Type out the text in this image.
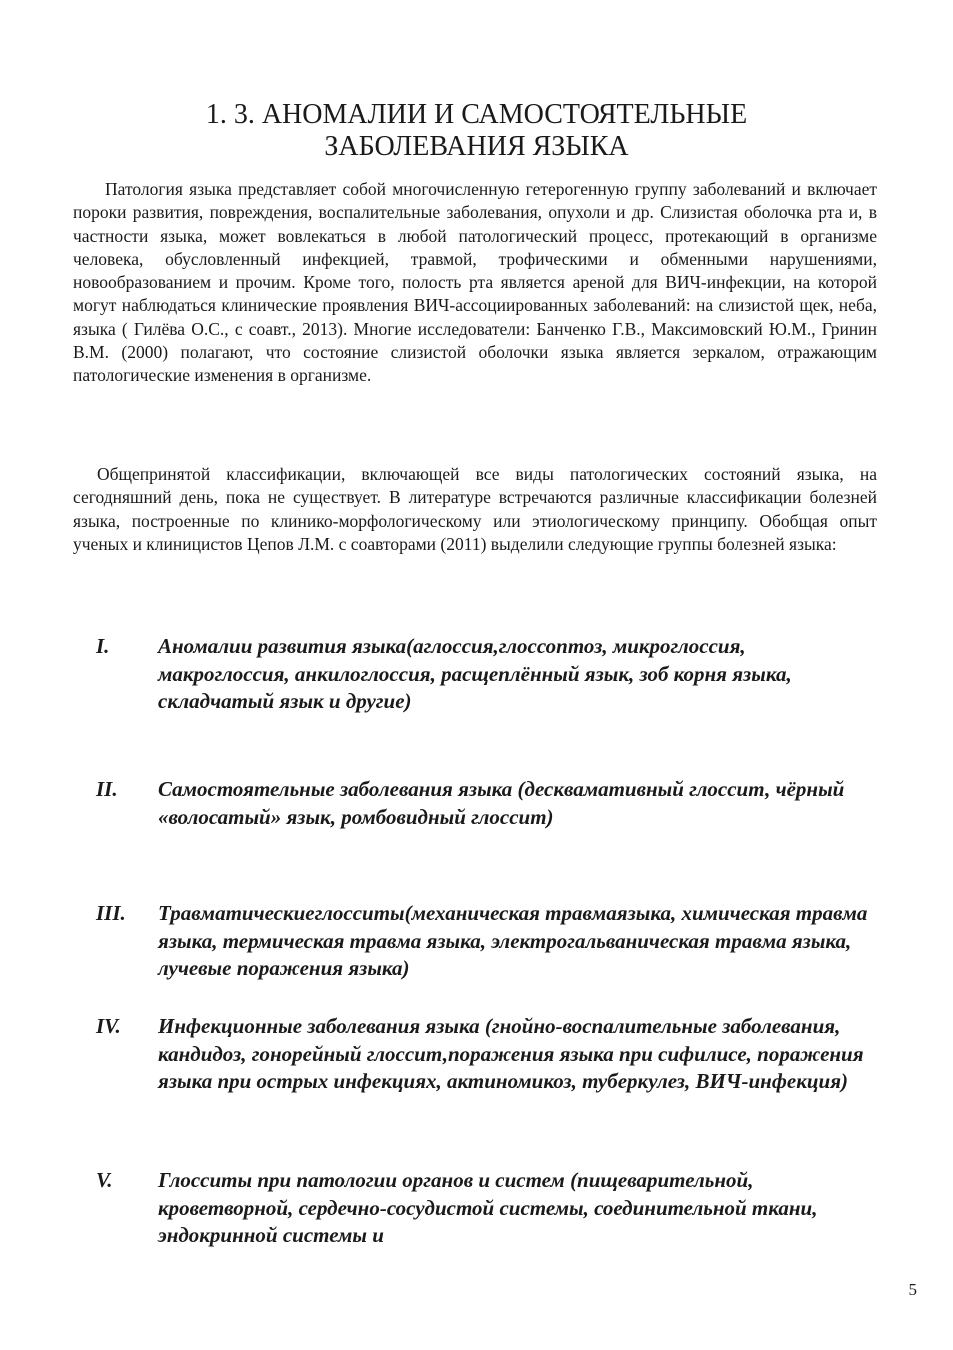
1. 3. АНОМАЛИИ И САМОСТОЯТЕЛЬНЫЕ
ЗАБОЛЕВАНИЯ ЯЗЫКА

Патология языка представляет собой многочисленную гетерогенную группу заболеваний и включает пороки развития, повреждения, воспалительные заболевания, опухоли и др. Слизистая оболочка рта и, в частности языка, может вовлекаться в любой патологический процесс, протекающий в организме человека, обусловленный инфекцией, травмой, трофическими и обменными нарушениями, новообразованием и прочим. Кроме того, полость рта является ареной для ВИЧ-инфекции, на которой могут наблюдаться клинические проявления ВИЧ-ассоциированных заболеваний: на слизистой щек, неба, языка ( Гилёва О.С., с соавт., 2013). Многие исследователи: Банченко Г.В., Максимовский Ю.М., Гринин В.М. (2000) полагают, что состояние слизистой оболочки языка является зеркалом, отражающим патологические изменения в организме.

Общепринятой классификации, включающей все виды патологических состояний языка, на сегодняшний день, пока не существует. В литературе встречаются различные классификации болезней языка, построенные по клинико-морфологическому или этиологическому принципу. Обобщая опыт ученых и клиницистов Цепов Л.М. с соавторами (2011) выделили следующие группы болезней языка:

I.	Аномалии развития языка(аглоссия,глоссоптоз, микроглоссия, макроглоссия, анкилоглоссия, расщеплённый язык, зоб корня языка, складчатый язык и другие)
II.	Самостоятельные заболевания языка (десквамативный глоссит, чёрный «волосатый» язык, ромбовидный глоссит)
III.	Травматическиеглосситы(механическая травмаязыка, химическая травма языка, термическая травма языка, электрогальваническая травма языка, лучевые поражения языка)
IV.	Инфекционные заболевания языка (гнойно-воспалительные заболевания, кандидоз, гонорейный глоссит,поражения языка при сифилисе, поражения языка при острых инфекциях, актиномикоз, туберкулез, ВИЧ-инфекция)
V.	Глосситы при патологии органов и систем (пищеварительной, кроветворной, сердечно-сосудистой системы, соединительной ткани, эндокринной системы и
5
